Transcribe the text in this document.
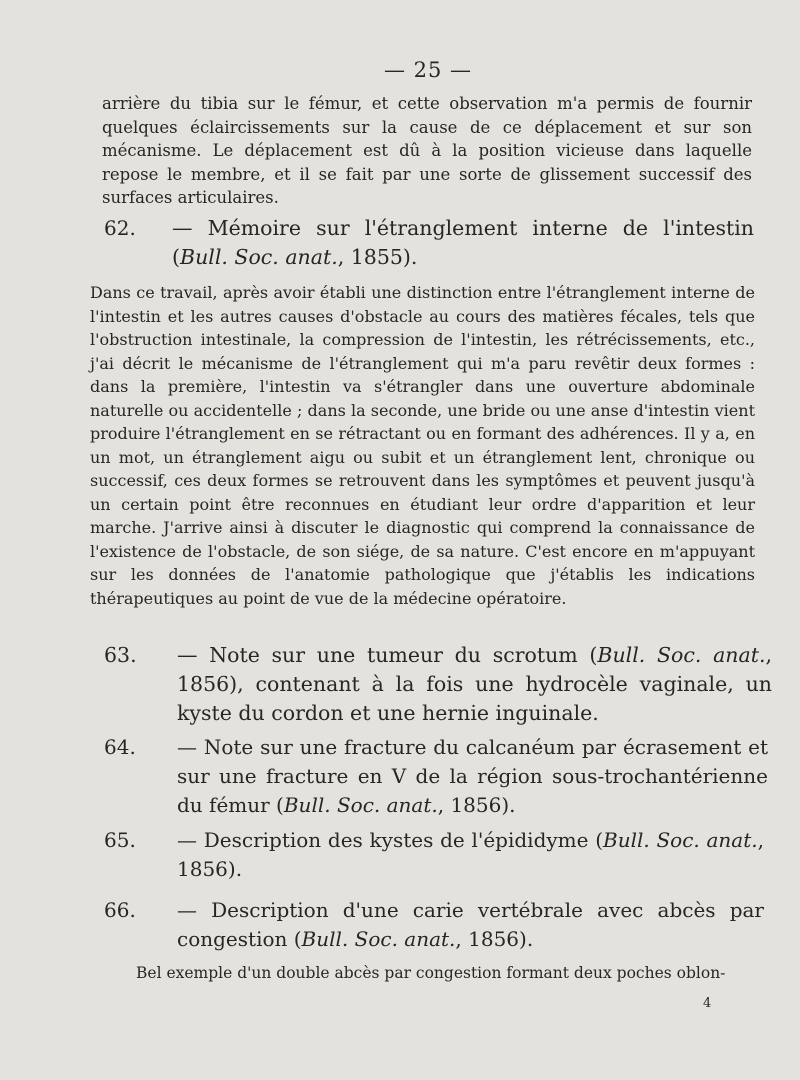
— 25 —

arrière du tibia sur le fémur, et cette observation m'a permis de fournir quelques éclaircissements sur la cause de ce déplacement et sur son mécanisme. Le déplacement est dû à la position vicieuse dans laquelle repose le membre, et il se fait par une sorte de glissement successif des surfaces articulaires.

62.	— Mémoire sur l'étranglement interne de l'intestin (Bull. Soc. anat., 1855).

Dans ce travail, après avoir établi une distinction entre l'étranglement interne de l'intestin et les autres causes d'obstacle au cours des matières fécales, tels que l'obstruction intestinale, la compression de l'intestin, les rétrécissements, etc., j'ai décrit le mécanisme de l'étranglement qui m'a paru revêtir deux formes : dans la première, l'intestin va s'étrangler dans une ouverture abdominale naturelle ou accidentelle ; dans la seconde, une bride ou une anse d'intestin vient produire l'étranglement en se rétractant ou en formant des adhérences. Il y a, en un mot, un étranglement aigu ou subit et un étranglement lent, chronique ou successif, ces deux formes se retrouvent dans les symptômes et peuvent jusqu'à un certain point être reconnues en étudiant leur ordre d'apparition et leur marche. J'arrive ainsi à discuter le diagnostic qui comprend la connaissance de l'existence de l'obstacle, de son siége, de sa nature. C'est encore en m'appuyant sur les données de l'anatomie pathologique que j'établis les indications thérapeutiques au point de vue de la médecine opératoire.

63.	— Note sur une tumeur du scrotum (Bull. Soc. anat., 1856), contenant à la fois une hydrocèle vaginale, un kyste du cordon et une hernie inguinale.
64.	— Note sur une fracture du calcanéum par écrasement et sur une fracture en V de la région sous-trochantérienne du fémur (Bull. Soc. anat., 1856).
65.	— Description des kystes de l'épididyme (Bull. Soc. anat., 1856).
66.	— Description d'une carie vertébrale avec abcès par congestion (Bull. Soc. anat., 1856).

Bel exemple d'un double abcès par congestion formant deux poches oblon-

4
